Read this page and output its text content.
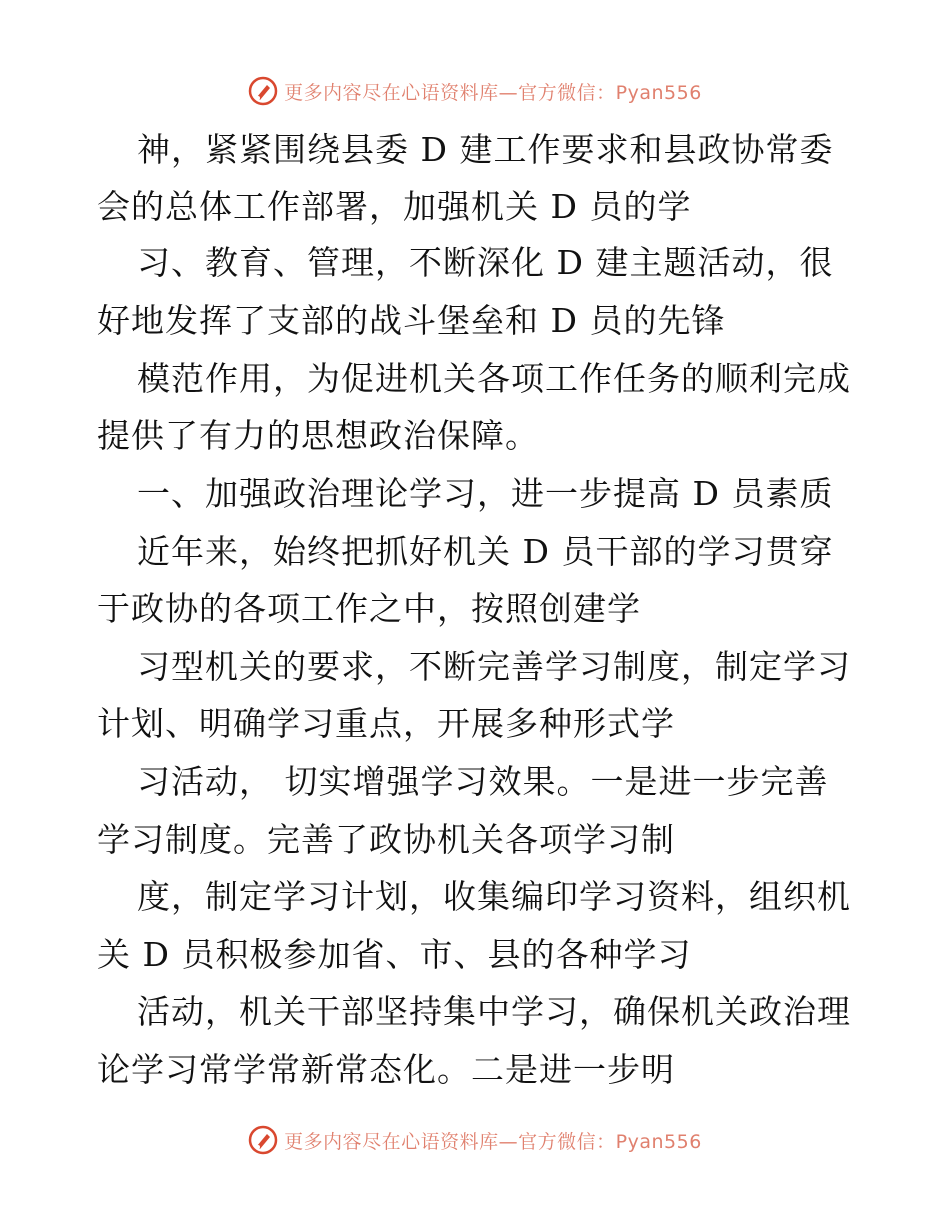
更多内容尽在心语资料库—官方微信：Pyan556
神，紧紧围绕县委 D 建工作要求和县政协常委
会的总体工作部署，加强机关 D 员的学
习、教育、管理，不断深化 D 建主题活动，很
好地发挥了支部的战斗堡垒和 D 员的先锋
模范作用，为促进机关各项工作任务的顺利完成
提供了有力的思想政治保障。
一、加强政治理论学习，进一步提高 D 员素质
近年来，始终把抓好机关 D 员干部的学习贯穿
于政协的各项工作之中，按照创建学
习型机关的要求，不断完善学习制度，制定学习
计划、明确学习重点，开展多种形式学
习活动， 切实增强学习效果。一是进一步完善
学习制度。完善了政协机关各项学习制
度，制定学习计划，收集编印学习资料，组织机
关 D 员积极参加省、市、县的各种学习
活动，机关干部坚持集中学习，确保机关政治理
论学习常学常新常态化。二是进一步明
更多内容尽在心语资料库—官方微信：Pyan556
